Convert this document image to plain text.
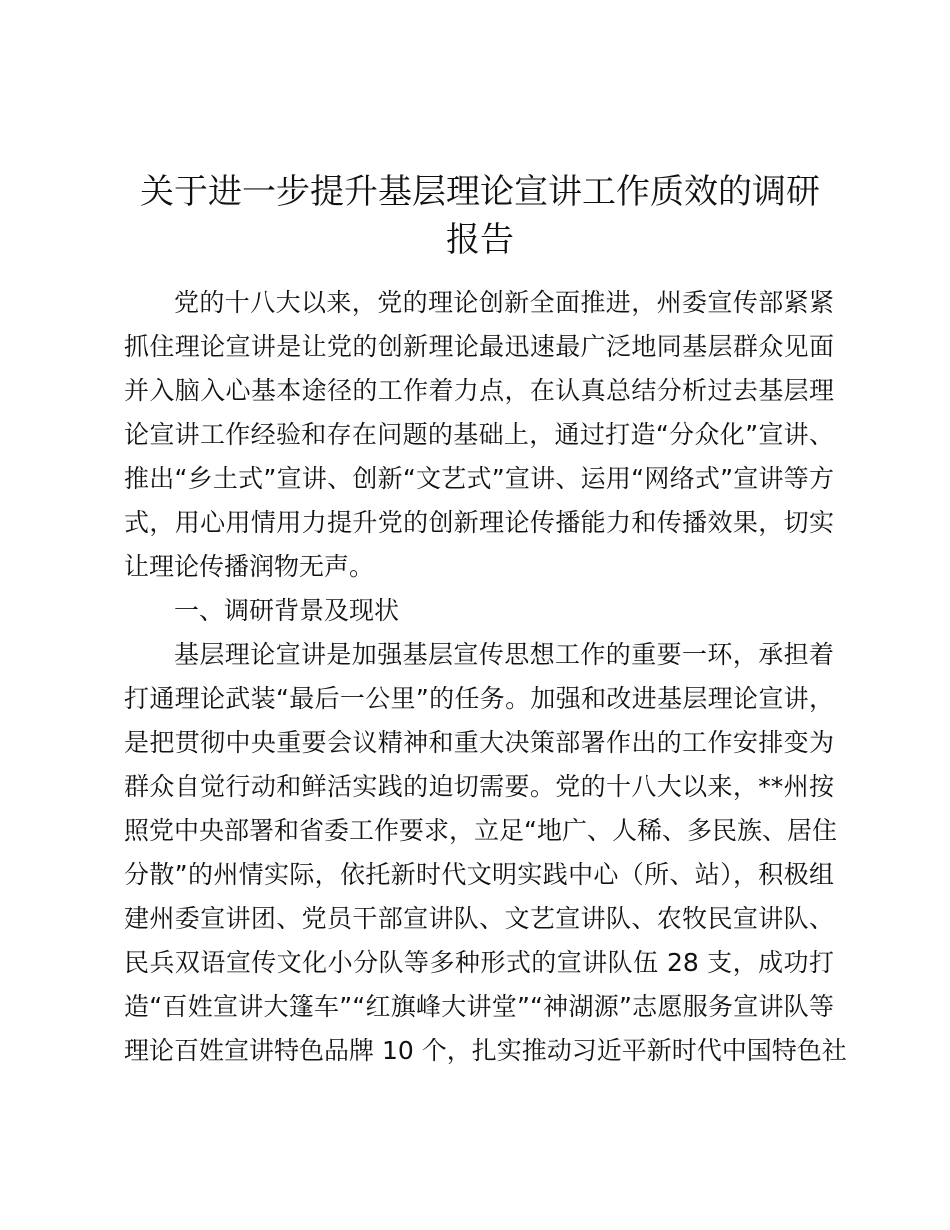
关于进一步提升基层理论宣讲工作质效的调研
报告
党的十八大以来，党的理论创新全面推进，州委宣传部紧紧
抓住理论宣讲是让党的创新理论最迅速最广泛地同基层群众见面
并入脑入心基本途径的工作着力点，在认真总结分析过去基层理
论宣讲工作经验和存在问题的基础上，通过打造“分众化”宣讲、
推出“乡土式”宣讲、创新“文艺式”宣讲、运用“网络式”宣讲等方
式，用心用情用力提升党的创新理论传播能力和传播效果，切实
让理论传播润物无声。
一、调研背景及现状
基层理论宣讲是加强基层宣传思想工作的重要一环，承担着
打通理论武装“最后一公里”的任务。加强和改进基层理论宣讲，
是把贯彻中央重要会议精神和重大决策部署作出的工作安排变为
群众自觉行动和鲜活实践的迫切需要。党的十八大以来，**州按
照党中央部署和省委工作要求，立足“地广、人稀、多民族、居住
分散”的州情实际，依托新时代文明实践中心（所、站），积极组
建州委宣讲团、党员干部宣讲队、文艺宣讲队、农牧民宣讲队、
民兵双语宣传文化小分队等多种形式的宣讲队伍 28 支，成功打
造“百姓宣讲大篷车”“红旗峰大讲堂”“神湖源”志愿服务宣讲队等
理论百姓宣讲特色品牌 10 个，扎实推动习近平新时代中国特色社
